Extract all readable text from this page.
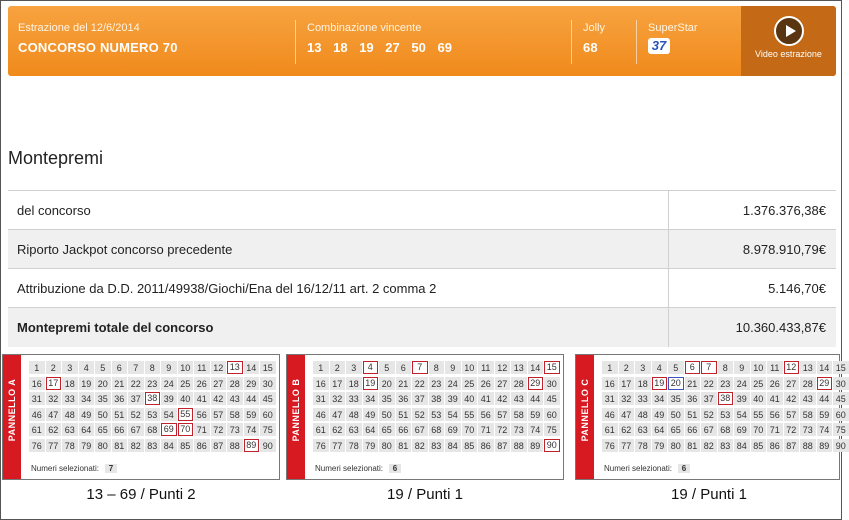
Estrazione del 12/6/2014
CONCORSO NUMERO 70
Combinazione vincente
13 18 19 27 50 69
Jolly
68
SuperStar
37
Video estrazione
Montepremi
del concorso	1.376.376,38€
Riporto Jackpot concorso precedente	8.978.910,79€
Attribuzione da D.D. 2011/49938/Giochi/Ena del 16/12/11 art. 2 comma 2	5.146,70€
Montepremi totale del concorso	10.360.433,87€
PANNELLO A
1	2	3	4	5	6	7	8	9 10 11 12 13 14 15
16 17 18 19 20 21 22 23 24 25 26 27 28 29 30
31 32 33 34 35 36 37 38 39 40 41 42 43 44 45
46 47 48 49 50 51 52 53 54 55 56 57 58 59 60
61 62 63 64 65 66 67 68 69 70 71 72 73 74 75
76 77 78 79 80 81 82 83 84 85 86 87 88 89 90
Numeri selezionati: 7
PANNELLO B
1	2	3	4	5	6	7	8	9 10 11 12 13 14 15
16 17 18 19 20 21 22 23 24 25 26 27 28 29 30
31 32 33 34 35 36 37 38 39 40 41 42 43 44 45
46 47 48 49 50 51 52 53 54 55 56 57 58 59 60
61 62 63 64 65 66 67 68 69 70 71 72 73 74 75
76 77 78 79 80 81 82 83 84 85 86 87 88 89 90
Numeri selezionati: 6
PANNELLO C
1	2	3	4	5	6	7	8	9 10 11 12 13 14 15
16 17 18 19 20 21 22 23 24 25 26 27 28 29 30
31 32 33 34 35 36 37 38 39 40 41 42 43 44 45
46 47 48 49 50 51 52 53 54 55 56 57 58 59 60
61 62 63 64 65 66 67 68 69 70 71 72 73 74 75
76 77 78 79 80 81 82 83 84 85 86 87 88 89 90
Numeri selezionati: 6
13 – 69 / Punti 2	19 / Punti 1	19 / Punti 1
